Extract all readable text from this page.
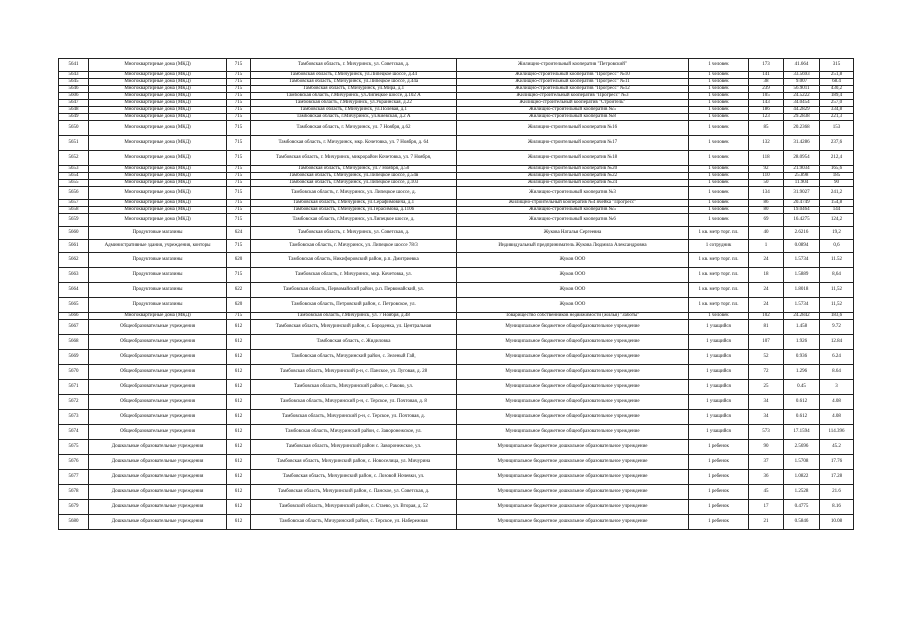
5641	Многоквартирные дома (МКД)	715	Тамбовская область, г. Мичуринск, ул. Советская, д.	Жилищно-строительный кооператив "Петровский"	1 человек	173	41.664	315
5643	Многоквартирные дома (МКД)	715	Тамбовская область, г.Мичуринск, ул.Липецкое шоссе, д.44	Жилищно-строительный кооператив "Прогресс" №10	1 человек	141	33.5693	251,8
5645	Многоквартирные дома (МКД)	715	Тамбовская область, г.Мичуринск, ул.Липецкое шоссе, д.44а	Жилищно-строительный кооператив "Прогресс" №11	1 человек	38	9.007	68.4
5646	Многоквартирные дома (МКД)	715	Тамбовская область, г.Мичуринск, ул.Мира, д.1	Жилищно-строительный кооператив "Прогресс" №12	1 человек	239	56.9011	430,2
5606	Многоквартирные дома (МКД)	715	Тамбовская область, г.Мичуринск, ул.Липецкое шоссе, д.102 А	Жилищно-строительный кооператив "Прогресс" №3	1 человек	105	24.5222	189,4
5647	Многоквартирные дома (МКД)	715	Тамбовская область, г.Мичуринск, ул.Украинская, д.22	Жилищно-строительный кооператив "Строитель"	1 человек	143	34.0454	257,0
5648	Многоквартирные дома (МКД)	715	Тамбовская область, г.Мичуринск, ул.Полевая, д.1	Жилищно-строительный кооператив №5	1 человек	186	44.2829	334,8
5649	Многоквартирные дома (МКД)	715	Тамбовская область, г.Мичуринск, ул.Киевская, д.2 А	Жилищно-строительный кооператив №8	1 человек	123	29.2838	221,3
5650	Многоквартирные дома (МКД)	715	Тамбовская область, г. Мичуринск, ул. 7 Ноября, д.62	Жилищно-строительный кооператив №16	1 человек	85	20.2368	153
5651	Многоквартирные дома (МКД)	715	Тамбовская область, г. Мичуринск, мкр. Кочетовка, ул. 7 Ноября, д. 64	Жилищно-строительный кооператив №17	1 человек	132	31.4286	237,6
5652	Многоквартирные дома (МКД)	715	Тамбовская область, г. Мичуринск, микрорайон Кочетовка, ул. 7 Ноября,	Жилищно-строительный кооператив №18	1 человек	118	28.0954	212,4
5653	Многоквартирные дома (МКД)	715	Тамбовская область, г.Мичуринск, ул.7 Ноября, д.50	Жилищно-строительный кооператив №20	1 человек	92	21.9034	165,6
5654	Многоквартирные дома (МКД)	715	Тамбовская область, г.Мичуринск, ул.Липецкое шоссе, д.54в	Жилищно-строительный кооператив №22	1 человек	110	25.898	185
5655	Многоквартирные дома (МКД)	715	Тамбовская область, г.Мичуринск, ул.Липецкое шоссе, д.103	Жилищно-строительный кооператив №24	1 человек	50	11.904	90
5656	Многоквартирные дома (МКД)	715	Тамбовская область, г. Мичуринск, ул. Липецкое шоссе, д.	Жилищно-строительный кооператив №3	1 человек	134	31.9027	241,2
5657	Многоквартирные дома (МКД)	715	Тамбовская область, г.Мичуринск, ул.Серафимовича, д.1	Жилищно-строительный кооператив №4 ячейка "Прогресс"	1 человек	86	20.4749	154,8
5658	Многоквартирные дома (МКД)	715	Тамбовская область, г.Мичуринск, ул.Герасимова, д.110б	Жилищно-строительный кооператив №5	1 человек	80	19.0464	144
5659	Многоквартирные дома (МКД)	715	Тамбовская область, г.Мичуринск, ул.Липецкое шоссе, д.	Жилищно-строительный кооператив №6	1 человек	69	16.4275	124,2
5660	Продуктовые магазины	624	Тамбовская область, г. Мичуринск, ул. Советская, д.	Жукова Наталья Сергеевна	1 кв. метр торг. пл.	40	2.6216	19,2
5661	Административные здания, учреждения, конторы	715	Тамбовская область, г. Мичуринск, ул. Липецкое шоссе 78/3	Индивидуальный предприниматель Жукова Людмила Александровна	1 сотрудник	1	0.0894	0,6
5662	Продуктовые магазины	620	Тамбовская область, Никифоровский район, р.п. Дмитриевка	Жуков ООО	1 кв. метр торг. пл.	24	1.5734	11.52
5663	Продуктовые магазины	715	Тамбовская область, г. Мичуринск, мкр. Кочетовка, ул.	Жуков ООО	1 кв. метр торг. пл.	18	1.5889	8,64
5664	Продуктовые магазины	622	Тамбовская область, Первомайский район, р.п. Первомайский, ул.	Жуков ООО	1 кв. метр торг. пл.	24	1.8018	11,52
5665	Продуктовые магазины	620	Тамбовская область, Петровский район, с. Петровское, ул.	Жуков ООО	1 кв. метр торг. пл.	24	1.5734	11,52
5666	Многоквартирные дома (МКД)	715	Тамбовская область, г.Мичуринск, ул. 7 Ноября, д.48	Товарищество собственников недвижимости (жилья) "Заботы"	1 человек	102	24.2842	183,6
5667	Общеобразовательные учреждения	612	Тамбовская область, Мичуринский район, с. Бороденка, ул. Центральная	Муниципальное бюджетное общеобразовательное учреждение	1 учащийся	81	1.458	9.72
5668	Общеобразовательные учреждения	612	Тамбовская область, с. Жидиловка	Муниципальное бюджетное общеобразовательное учреждение	1 учащийся	107	1.926	12.84
5669	Общеобразовательные учреждения	612	Тамбовская область, Мичуринский район, с. Зеленый Гай,	Муниципальное бюджетное общеобразовательное учреждение	1 учащийся	52	0.936	6.24
5670	Общеобразовательные учреждения	612	Тамбовская область, Мичуринский р-н, с. Панское, ул. Луговая, д. 28	Муниципальное бюджетное общеобразовательное учреждение	1 учащийся	72	1.296	8.64
5671	Общеобразовательные учреждения	612	Тамбовская область, Мичуринский район, с. Раково, ул.	Муниципальное бюджетное общеобразовательное учреждение	1 учащийся	25	0.45	3
5672	Общеобразовательные учреждения	612	Тамбовская область, Мичуринский р-н, с. Терское, ул. Почтовая, д. 8	Муниципальное бюджетное общеобразовательное учреждение	1 учащийся	34	0.612	4.08
5673	Общеобразовательные учреждения	612	Тамбовская область, Мичуринский р-н, с. Терское, ул. Почтовая, д.	Муниципальное бюджетное общеобразовательное учреждение	1 учащийся	34	0.612	4.08
5674	Общеобразовательные учреждения	612	Тамбовская область, Мичуринский район, с. Заворонежское, ул.	Муниципальное бюджетное общеобразовательное учреждение	1 учащийся	573	17.1594	114.396
5675	Дошкольные образовательные учреждения	612	Тамбовская область, Мичуринский район с. Заворонежское, ул.	Муниципальное бюджетное дошкольное образовательное учреждение	1 ребенок	90	2.5696	45.2
5676	Дошкольные образовательные учреждения	612	Тамбовская область, Мичуринский район, с. Новоселица, ул. Мичурина	Муниципальное бюджетное дошкольное образовательное учреждение	1 ребенок	37	1.5708	17.76
5677	Дошкольные образовательные учреждения	612	Тамбовская область, Мичуринский район, с. Лозовой Ночевки, ул.	Муниципальное бюджетное дошкольное образовательное учреждение	1 ребенок	36	1.0822	17.28
5678	Дошкольные образовательные учреждения	612	Тамбовская область, Мичуринский район, с. Панское, ул. Советская, д.	Муниципальное бюджетное дошкольное образовательное учреждение	1 ребенок	45	1.2528	21.6
5679	Дошкольные образовательные учреждения	612	Тамбовский область, Мичуринский район, с. Стаево, ул. Вторая, д. 52	Муниципальное бюджетное дошкольное образовательное учреждение	1 ребенок	17	0.4775	8.16
5680	Дошкольные образовательные учреждения	612	Тамбовская область, Мичуринский район, с. Терское, ул. Набережная	Муниципальное бюджетное дошкольное образовательное учреждение	1 ребенок	21	0.5846	10.08
